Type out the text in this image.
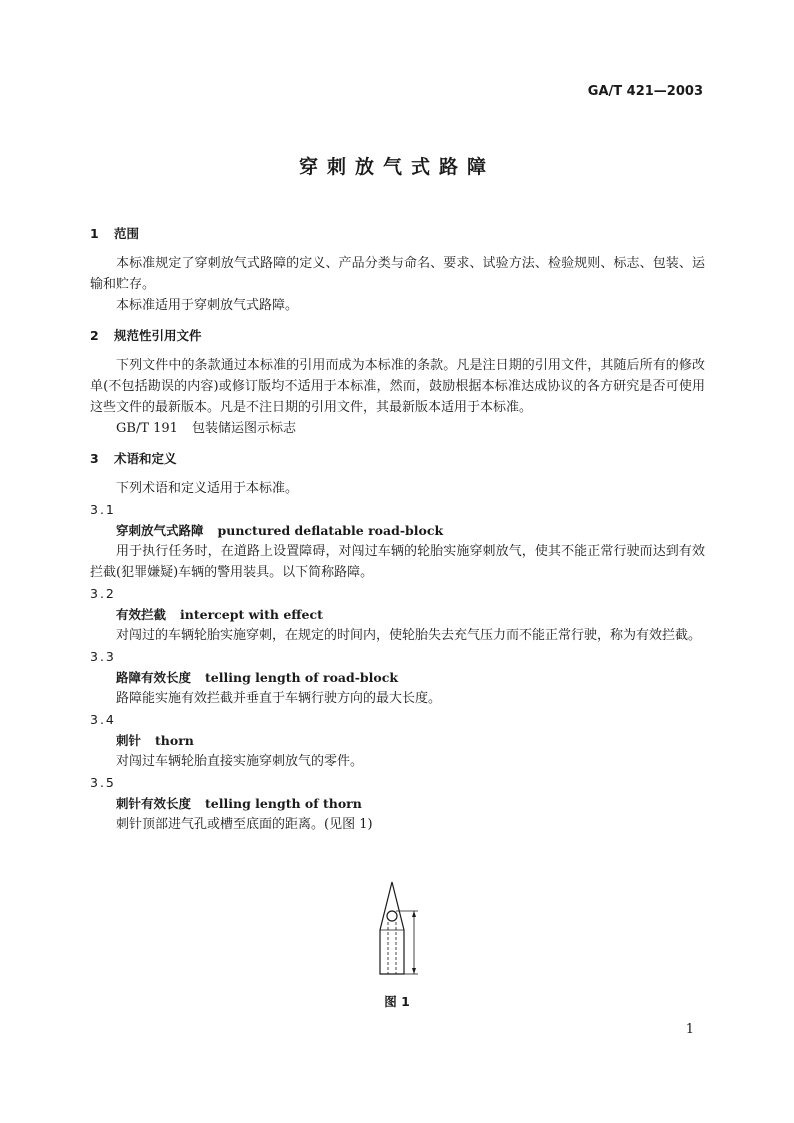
GA/T 421—2003
穿刺放气式路障
1 范围
本标准规定了穿刺放气式路障的定义、产品分类与命名、要求、试验方法、检验规则、标志、包装、运输和贮存。
本标准适用于穿刺放气式路障。
2 规范性引用文件
下列文件中的条款通过本标准的引用而成为本标准的条款。凡是注日期的引用文件，其随后所有的修改单(不包括勘误的内容)或修订版均不适用于本标准，然而，鼓励根据本标准达成协议的各方研究是否可使用这些文件的最新版本。凡是不注日期的引用文件，其最新版本适用于本标准。
GB/T 191 包装储运图示标志
3 术语和定义
下列术语和定义适用于本标准。
3.1
穿刺放气式路障 punctured deflatable road-block
用于执行任务时，在道路上设置障碍，对闯过车辆的轮胎实施穿刺放气，使其不能正常行驶而达到有效拦截(犯罪嫌疑)车辆的警用装具。以下简称路障。
3.2
有效拦截 intercept with effect
对闯过的车辆轮胎实施穿刺，在规定的时间内，使轮胎失去充气压力而不能正常行驶，称为有效拦截。
3.3
路障有效长度 telling length of road-block
路障能实施有效拦截并垂直于车辆行驶方向的最大长度。
3.4
刺针 thorn
对闯过车辆轮胎直接实施穿刺放气的零件。
3.5
刺针有效长度 telling length of thorn
刺针顶部进气孔或槽至底面的距离。(见图 1)
图 1
1
